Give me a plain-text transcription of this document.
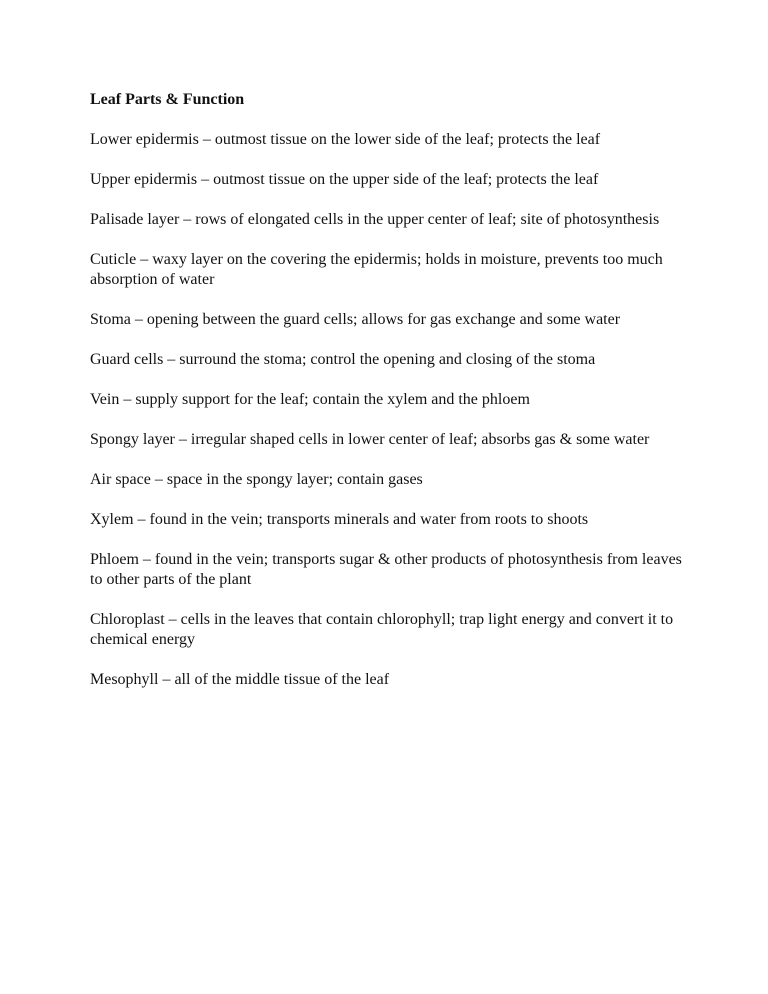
Leaf Parts & Function
Lower epidermis – outmost tissue on the lower side of the leaf; protects the leaf
Upper epidermis – outmost tissue on the upper side of the leaf; protects the leaf
Palisade layer – rows of elongated cells in the upper center of leaf; site of photosynthesis
Cuticle – waxy layer on the covering the epidermis; holds in moisture, prevents too much absorption of water
Stoma – opening between the guard cells; allows for gas exchange and some water
Guard cells – surround the stoma; control the opening and closing of the stoma
Vein – supply support for the leaf; contain the xylem and the phloem
Spongy layer – irregular shaped cells in lower center of leaf; absorbs gas & some water
Air space – space in the spongy layer; contain gases
Xylem – found in the vein; transports minerals and water from roots to shoots
Phloem – found in the vein; transports sugar & other products of photosynthesis from leaves to other parts of the plant
Chloroplast – cells in the leaves that contain chlorophyll; trap light energy and convert it to chemical energy
Mesophyll – all of the middle tissue of the leaf
